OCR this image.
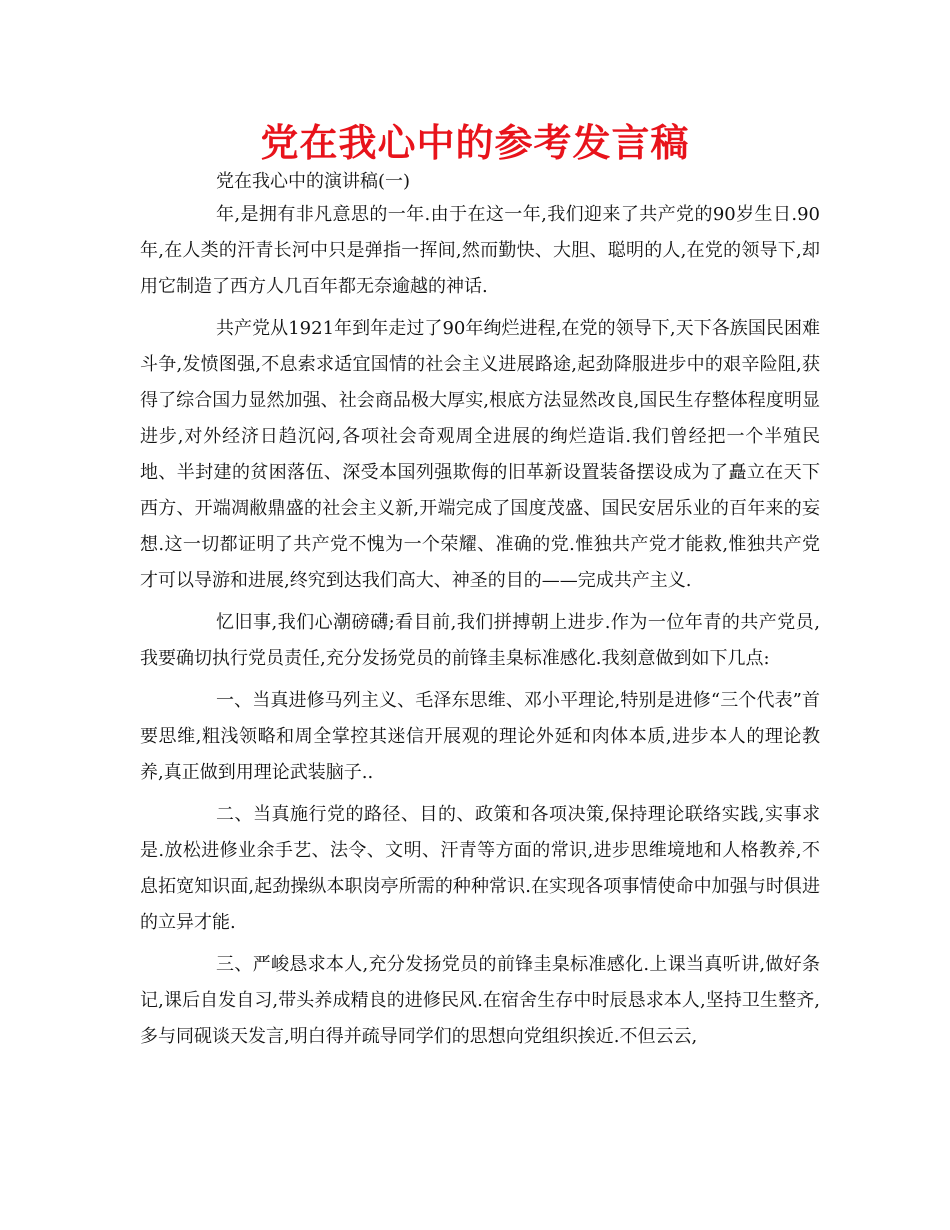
党在我心中的参考发言稿
党在我心中的演讲稿(一)

年,是拥有非凡意思的一年.由于在这一年,我们迎来了共产党的90岁生日.90年,在人类的汗青长河中只是弹指一挥间,然而勤快、大胆、聪明的人,在党的领导下,却用它制造了西方人几百年都无奈逾越的神话.

共产党从1921年到年走过了90年绚烂进程,在党的领导下,天下各族国民困难斗争,发愤图强,不息索求适宜国情的社会主义进展路途,起劲降服进步中的艰辛险阻,获得了综合国力显然加强、社会商品极大厚实,根底方法显然改良,国民生存整体程度明显进步,对外经济日趋沉闷,各项社会奇观周全进展的绚烂造诣.我们曾经把一个半殖民地、半封建的贫困落伍、深受本国列强欺侮的旧革新设置装备摆设成为了矗立在天下西方、开端凋敝鼎盛的社会主义新,开端完成了国度茂盛、国民安居乐业的百年来的妄想.这一切都证明了共产党不愧为一个荣耀、准确的党.惟独共产党才能救,惟独共产党才可以导游和进展,终究到达我们高大、神圣的目的——完成共产主义.

忆旧事,我们心潮磅礴;看目前,我们拼搏朝上进步.作为一位年青的共产党员,我要确切执行党员责任,充分发扬党员的前锋圭臬标准感化.我刻意做到如下几点:

一、当真进修马列主义、毛泽东思维、邓小平理论,特别是进修“三个代表”首要思维,粗浅领略和周全掌控其迷信开展观的理论外延和肉体本质,进步本人的理论教养,真正做到用理论武装脑子..

二、当真施行党的路径、目的、政策和各项决策,保持理论联络实践,实事求是.放松进修业余手艺、法令、文明、汗青等方面的常识,进步思维境地和人格教养,不息拓宽知识面,起劲操纵本职岗亭所需的种种常识.在实现各项事情使命中加强与时俱进的立异才能.

三、严峻恳求本人,充分发扬党员的前锋圭臬标准感化.上课当真听讲,做好条记,课后自发自习,带头养成精良的进修民风.在宿舍生存中时辰恳求本人,坚持卫生整齐,多与同砚谈天发言,明白得并疏导同学们的思想向党组织挨近.不但云云,
